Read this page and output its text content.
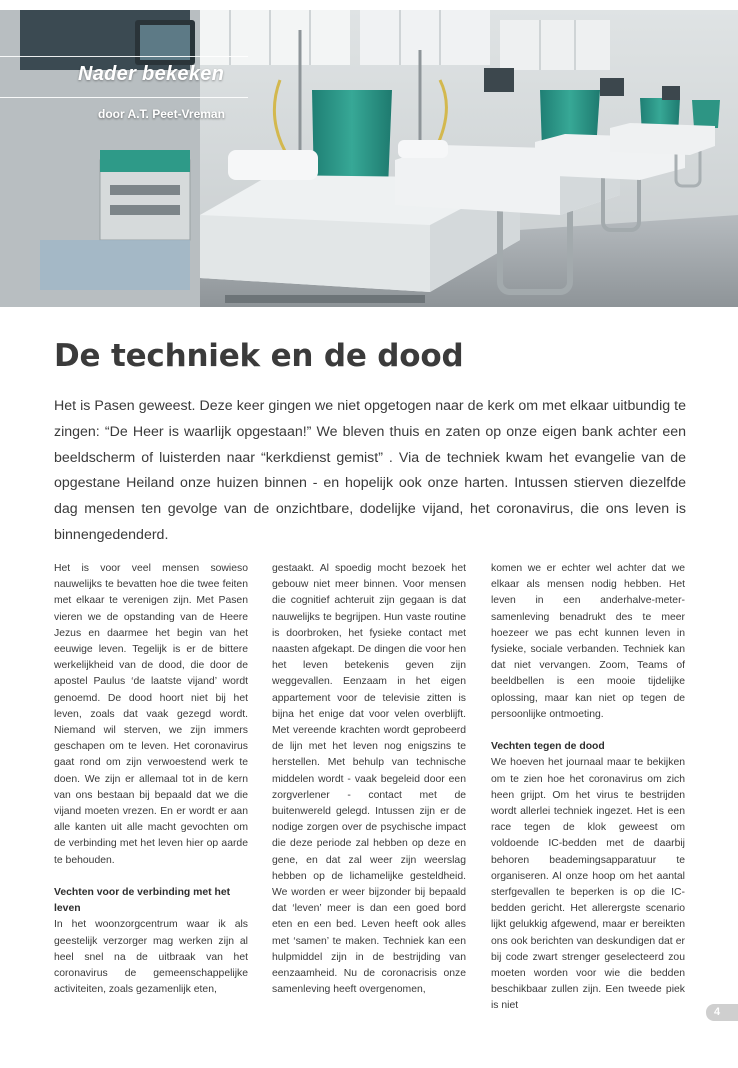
Nader bekeken

door A.T. Peet-Vreman

De techniek en de dood

Het is Pasen geweest. Deze keer gingen we niet opgetogen naar de kerk om met elkaar uitbundig te zingen: “De Heer is waarlijk opgestaan!” We bleven thuis en zaten op onze eigen bank achter een beeldscherm of luisterden naar “kerkdienst gemist” . Via de techniek kwam het evangelie van de opgestane Heiland onze huizen binnen - en hopelijk ook onze harten. Intussen stierven diezelfde dag mensen ten gevolge van de onzichtbare, dodelijke vijand, het coronavirus, die ons leven is binnengedenderd.

Het is voor veel mensen sowieso nauwelijks te bevatten hoe die twee feiten met elkaar te verenigen zijn. Met Pasen vieren we de opstanding van de Heere Jezus en daarmee het begin van het eeuwige leven. Tegelijk is er de bittere werkelijkheid van de dood, die door de apostel Paulus ‘de laatste vijand’ wordt genoemd. De dood hoort niet bij het leven, zoals dat vaak gezegd wordt. Niemand wil sterven, we zijn immers geschapen om te leven. Het coronavirus gaat rond om zijn verwoestend werk te doen. We zijn er allemaal tot in de kern van ons bestaan bij bepaald dat we die vijand moeten vrezen. En er wordt er aan alle kanten uit alle macht gevochten om de verbinding met het leven hier op aarde te behouden.

Vechten voor de verbinding met het leven

In het woonzorgcentrum waar ik als geestelijk verzorger mag werken zijn al heel snel na de uitbraak van het coronavirus de gemeenschappelijke activiteiten, zoals gezamenlijk eten,

gestaakt. Al spoedig mocht bezoek het gebouw niet meer binnen. Voor mensen die cognitief achteruit zijn gegaan is dat nauwelijks te begrijpen. Hun vaste routine is doorbroken, het fysieke contact met naasten afgekapt. De dingen die voor hen het leven betekenis geven zijn weggevallen. Eenzaam in het eigen appartement voor de televisie zitten is bijna het enige dat voor velen overblijft. Met vereende krachten wordt geprobeerd de lijn met het leven nog enigszins te herstellen. Met behulp van technische middelen wordt - vaak begeleid door een zorgverlener - contact met de buitenwereld gelegd. Intussen zijn er de nodige zorgen over de psychische impact die deze periode zal hebben op deze en gene, en dat zal weer zijn weerslag hebben op de lichamelijke gesteldheid. We worden er weer bijzonder bij bepaald dat ‘leven’ meer is dan een goed bord eten en een bed. Leven heeft ook alles met ‘samen’ te maken. Techniek kan een hulpmiddel zijn in de bestrijding van eenzaamheid. Nu de coronacrisis onze samenleving heeft overgenomen,

komen we er echter wel achter dat we elkaar als mensen nodig hebben. Het leven in een anderhalve-meter-samenleving benadrukt des te meer hoezeer we pas echt kunnen leven in fysieke, sociale verbanden. Techniek kan dat niet vervangen. Zoom, Teams of beeldbellen is een mooie tijdelijke oplossing, maar kan niet op tegen de persoonlijke ontmoeting.

Vechten tegen de dood

We hoeven het journaal maar te bekijken om te zien hoe het coronavirus om zich heen grijpt. Om het virus te bestrijden wordt allerlei techniek ingezet. Het is een race tegen de klok geweest om voldoende IC-bedden met de daarbij behoren beademingsapparatuur te organiseren. Al onze hoop om het aantal sterfgevallen te beperken is op die IC-bedden gericht. Het allerergste scenario lijkt gelukkig afgewend, maar er bereikten ons ook berichten van deskundigen dat er bij code zwart strenger geselecteerd zou moeten worden voor wie die bedden beschikbaar zullen zijn. Een tweede piek is niet

4
